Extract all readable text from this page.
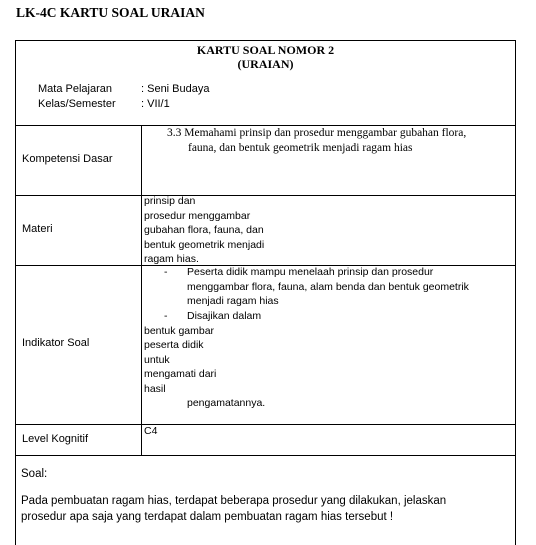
LK-4C KARTU SOAL URAIAN
KARTU SOAL NOMOR 2
(URAIAN)
Mata Pelajaran	: Seni Budaya
Kelas/Semester : VII/1
Kompetensi Dasar
3.3 Memahami prinsip dan prosedur menggambar gubahan flora,
fauna, dan bentuk geometrik menjadi ragam hias
Materi
prinsip dan
prosedur menggambar
gubahan flora, fauna, dan
bentuk geometrik menjadi
ragam hias.
Indikator Soal
- Peserta didik mampu menelaah prinsip dan prosedur
menggambar flora, fauna, alam benda dan bentuk geometrik
menjadi ragam hias
- Disajikan dalam
bentuk gambar
peserta didik
untuk
mengamati dari
hasil
pengamatannya.
Level Kognitif
C4
Soal:
Pada pembuatan ragam hias, terdapat beberapa prosedur yang dilakukan, jelaskan
prosedur apa saja yang terdapat dalam pembuatan ragam hias tersebut !
